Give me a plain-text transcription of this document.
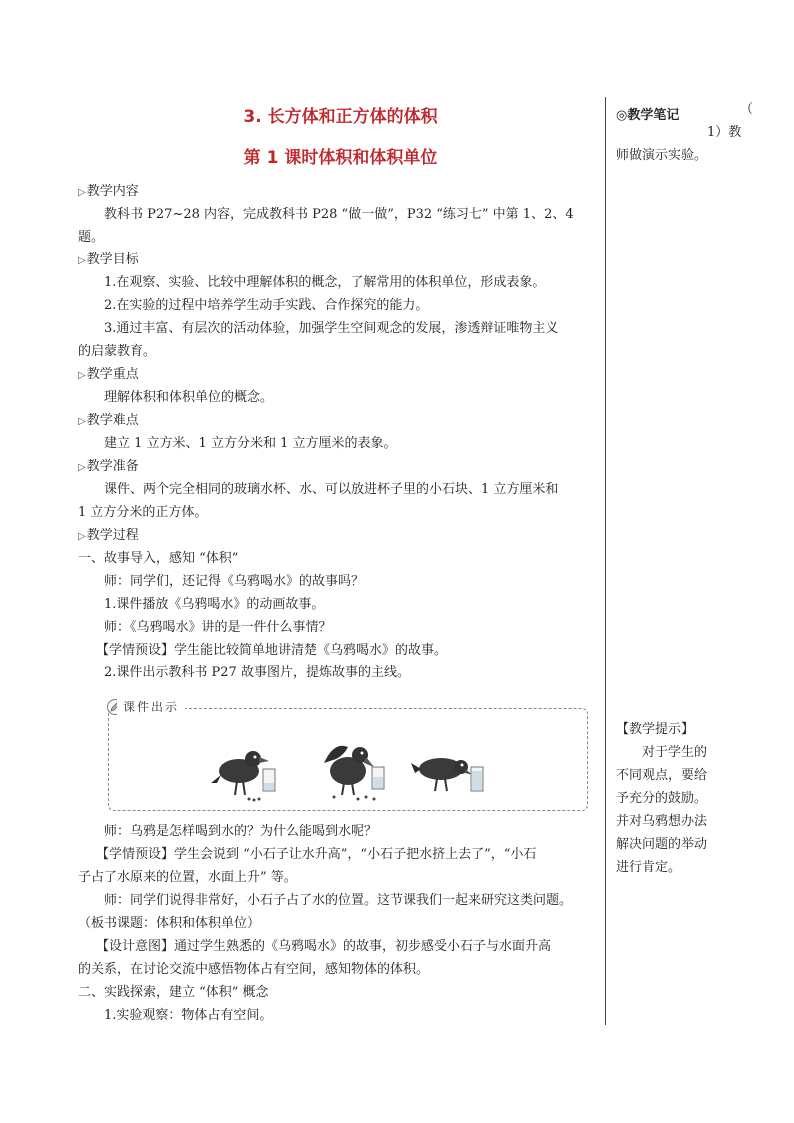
3. 长方体和正方体的体积
第 1 课时体积和体积单位
▷教学内容
教科书 P27~28 内容，完成教科书 P28 “做一做”，P32 “练习七” 中第 1、2、4
题。
▷教学目标
1.在观察、实验、比较中理解体积的概念，了解常用的体积单位，形成表象。
2.在实验的过程中培养学生动手实践、合作探究的能力。
3.通过丰富、有层次的活动体验，加强学生空间观念的发展，渗透辩证唯物主义
的启蒙教育。
▷教学重点
理解体积和体积单位的概念。
▷教学难点
建立 1 立方米、1 立方分米和 1 立方厘米的表象。
▷教学准备
课件、两个完全相同的玻璃水杯、水、可以放进杯子里的小石块、1 立方厘米和
1 立方分米的正方体。
▷教学过程
一、故事导入，感知 “体积”
师：同学们，还记得《乌鸦喝水》的故事吗？
1.课件播放《乌鸦喝水》的动画故事。
师：《乌鸦喝水》讲的是一件什么事情？
【学情预设】学生能比较简单地讲清楚《乌鸦喝水》的故事。
2.课件出示教科书 P27 故事图片，提炼故事的主线。
师：乌鸦是怎样喝到水的？为什么能喝到水呢？
【学情预设】学生会说到 “小石子让水升高”，“小石子把水挤上去了”，“小石
子占了水原来的位置，水面上升” 等。
师：同学们说得非常好，小石子占了水的位置。这节课我们一起来研究这类问题。
（板书课题：体积和体积单位）
【设计意图】通过学生熟悉的《乌鸦喝水》的故事，初步感受小石子与水面升高
的关系，在讨论交流中感悟物体占有空间，感知物体的体积。
二、实践探索，建立 “体积” 概念
1.实验观察：物体占有空间。
课件出示
◎教学笔记	（
1）教
师做演示实验。
【教学提示】
对于学生的
不同观点，要给
予充分的鼓励。
并对乌鸦想办法
解决问题的举动
进行肯定。
